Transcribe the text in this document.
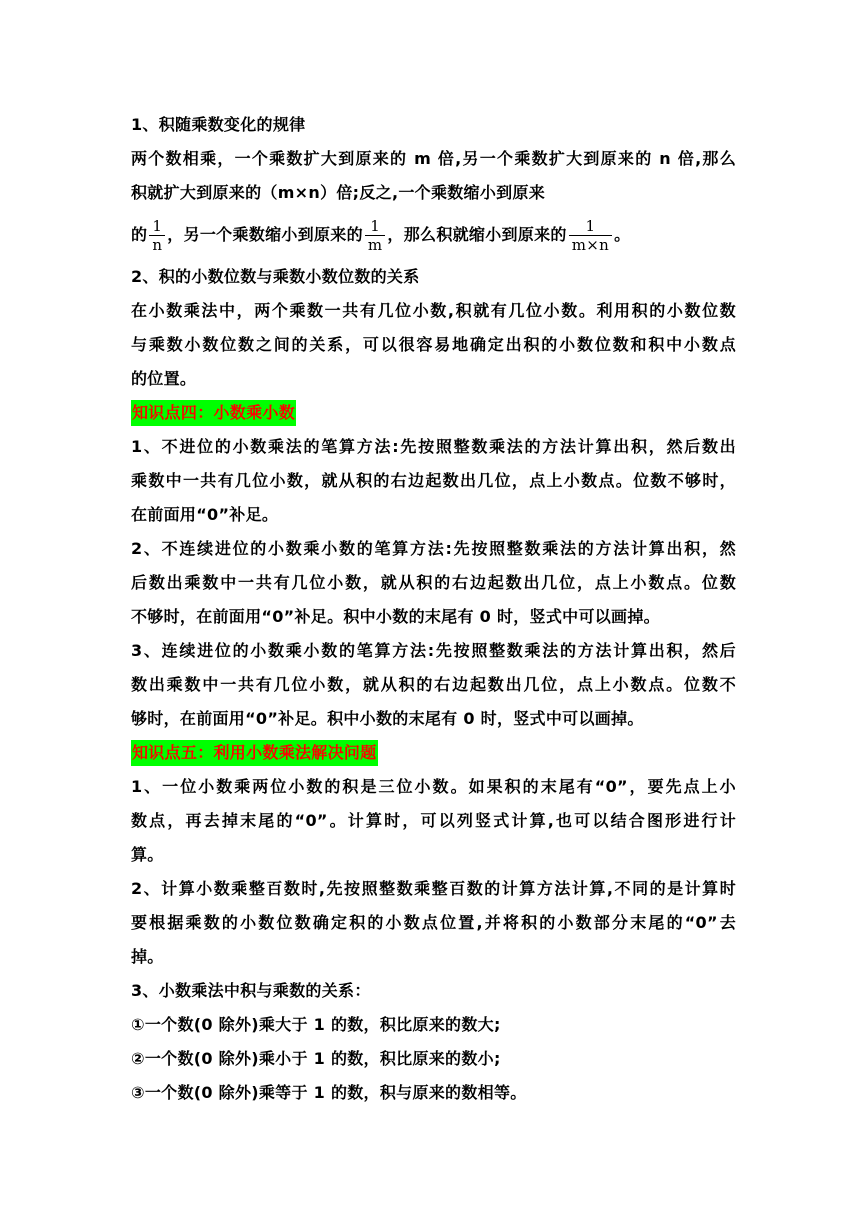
1、积随乘数变化的规律
两个数相乘，一个乘数扩大到原来的 m 倍,另一个乘数扩大到原来的 n 倍,那么
积就扩大到原来的（m×n）倍;反之,一个乘数缩小到原来
的 $\frac{1}{n}$ ，另一个乘数缩小到原来的 $\frac{1}{m}$ ，那么积就缩小到原来的 $\frac{1}{m\times n}$ 。
2、积的小数位数与乘数小数位数的关系
在小数乘法中，两个乘数一共有几位小数,积就有几位小数。利用积的小数位数
与乘数小数位数之间的关系，可以很容易地确定出积的小数位数和积中小数点
的位置。
知识点四：小数乘小数
1、不进位的小数乘法的笔算方法:先按照整数乘法的方法计算出积，然后数出
乘数中一共有几位小数，就从积的右边起数出几位，点上小数点。位数不够时，
在前面用“0”补足。
2、不连续进位的小数乘小数的笔算方法:先按照整数乘法的方法计算出积，然
后数出乘数中一共有几位小数，就从积的右边起数出几位，点上小数点。位数
不够时，在前面用“0”补足。积中小数的末尾有 0 时，竖式中可以画掉。
3、连续进位的小数乘小数的笔算方法:先按照整数乘法的方法计算出积，然后
数出乘数中一共有几位小数，就从积的右边起数出几位，点上小数点。位数不
够时，在前面用“0”补足。积中小数的末尾有 0 时，竖式中可以画掉。
知识点五：利用小数乘法解决问题
1、一位小数乘两位小数的积是三位小数。如果积的末尾有“0”，要先点上小
数点，再去掉末尾的“0”。计算时，可以列竖式计算,也可以结合图形进行计
算。
2、计算小数乘整百数时,先按照整数乘整百数的计算方法计算,不同的是计算时
要根据乘数的小数位数确定积的小数点位置,并将积的小数部分末尾的“0”去
掉。
3、小数乘法中积与乘数的关系：
①一个数(0 除外)乘大于 1 的数，积比原来的数大;
②一个数(0 除外)乘小于 1 的数，积比原来的数小;
③一个数(0 除外)乘等于 1 的数，积与原来的数相等。
